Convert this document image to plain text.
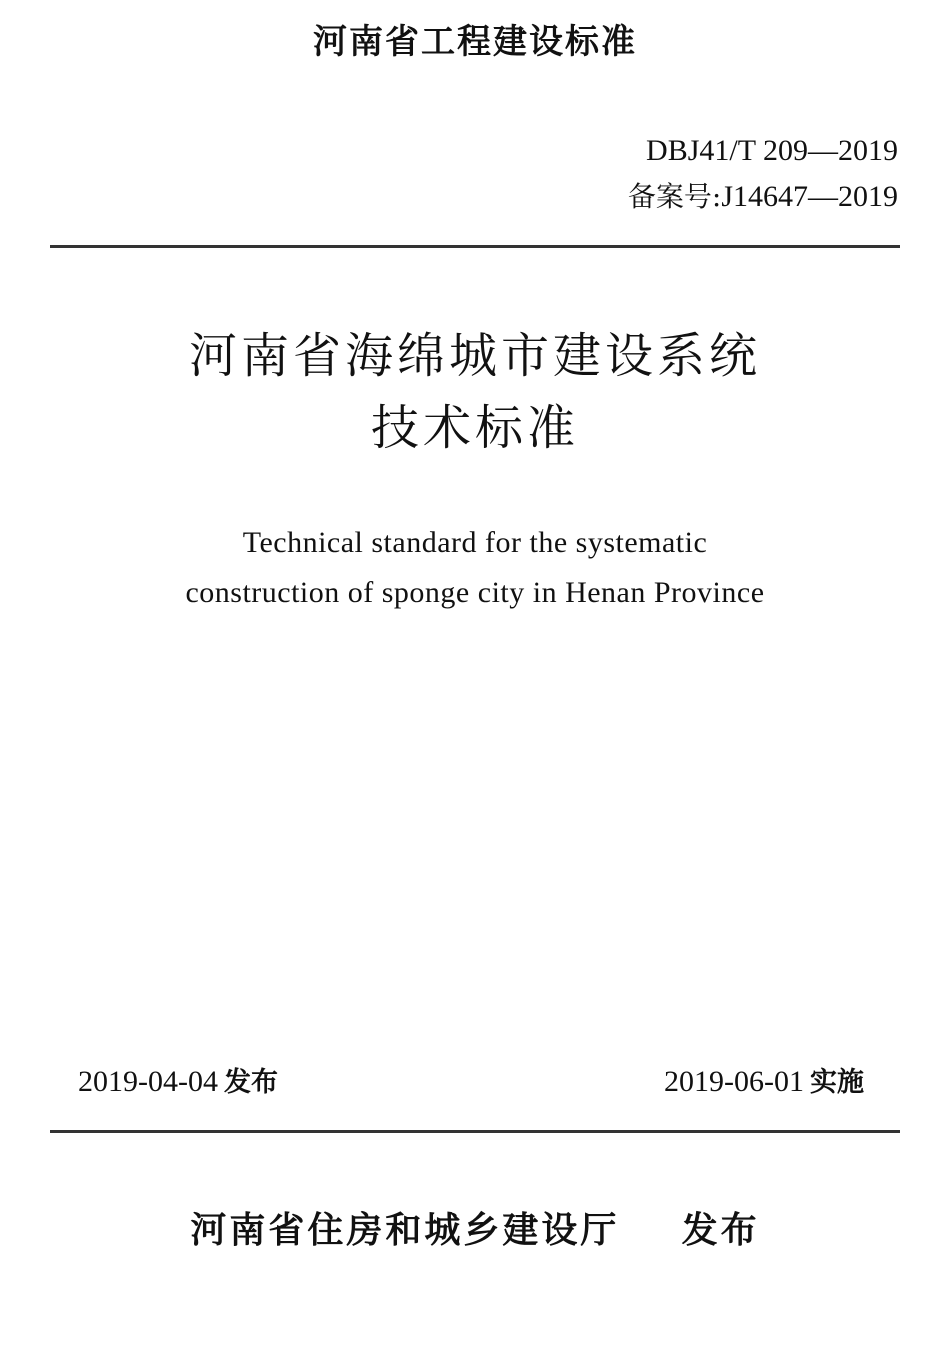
河南省工程建设标准
DBJ41/T 209—2019
备案号:J14647—2019
河南省海绵城市建设系统
技术标准
Technical standard for the systematic
construction of sponge city in Henan Province
2019-04-04 发布	2019-06-01 实施
河南省住房和城乡建设厅 发布
